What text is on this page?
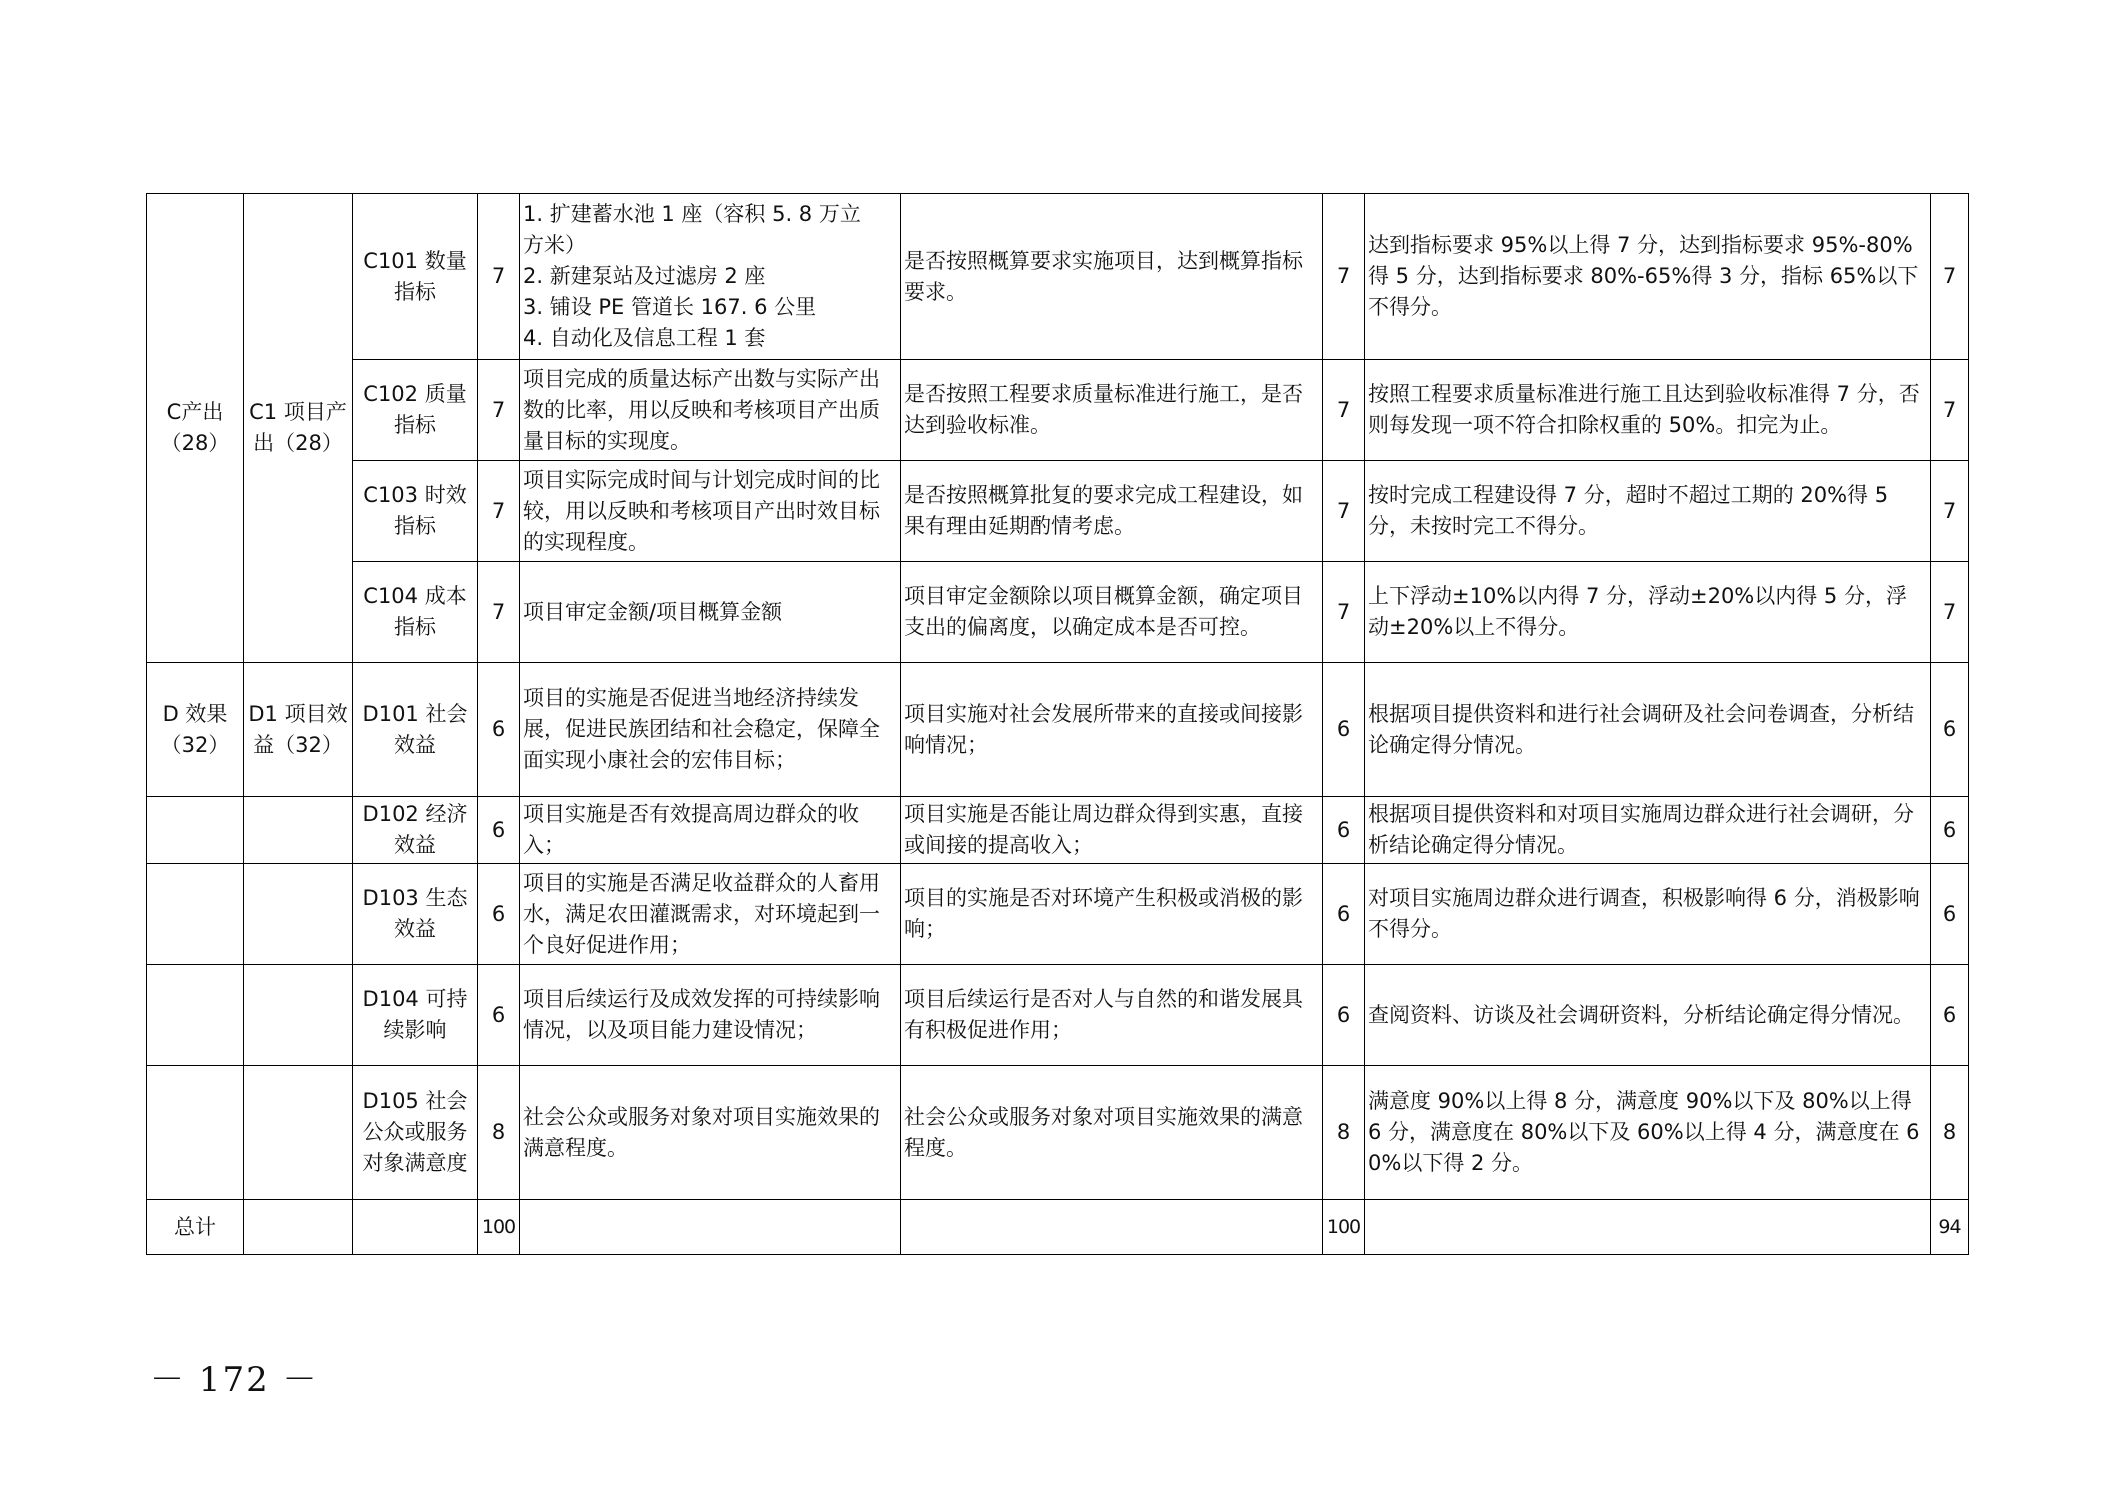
C产出（28）	C1 项目产出（28）	C101 数量指标	7	1. 扩建蓄水池 1 座（容积 5. 8 万立
方米）
2. 新建泵站及过滤房 2 座
3. 铺设 PE 管道长 167. 6 公里
4. 自动化及信息工程 1 套	是否按照概算要求实施项目，达到概算指标要求。	7	达到指标要求 95%以上得 7 分，达到指标要求 95%-80%得 5 分，达到指标要求 80%-65%得 3 分，指标 65%以下不得分。	7
		C102 质量指标	7	项目完成的质量达标产出数与实际产出数的比率，用以反映和考核项目产出质量目标的实现度。	是否按照工程要求质量标准进行施工，是否达到验收标准。	7	按照工程要求质量标准进行施工且达到验收标准得 7 分，否则每发现一项不符合扣除权重的 50%。扣完为止。	7
		C103 时效指标	7	项目实际完成时间与计划完成时间的比较，用以反映和考核项目产出时效目标的实现程度。	是否按照概算批复的要求完成工程建设，如果有理由延期酌情考虑。	7	按时完成工程建设得 7 分，超时不超过工期的 20%得 5 分，未按时完工不得分。	7
		C104 成本指标	7	项目审定金额/项目概算金额	项目审定金额除以项目概算金额，确定项目支出的偏离度，以确定成本是否可控。	7	上下浮动±10%以内得 7 分，浮动±20%以内得 5 分，浮动±20%以上不得分。	7
D 效果（32）	D1 项目效益（32）	D101 社会效益	6	项目的实施是否促进当地经济持续发展，促进民族团结和社会稳定，保障全面实现小康社会的宏伟目标；	项目实施对社会发展所带来的直接或间接影响情况；	6	根据项目提供资料和进行社会调研及社会问卷调查，分析结论确定得分情况。	6
		D102 经济效益	6	项目实施是否有效提高周边群众的收入；	项目实施是否能让周边群众得到实惠，直接或间接的提高收入；	6	根据项目提供资料和对项目实施周边群众进行社会调研，分析结论确定得分情况。	6
		D103 生态效益	6	项目的实施是否满足收益群众的人畜用水，满足农田灌溉需求，对环境起到一个良好促进作用；	项目的实施是否对环境产生积极或消极的影响；	6	对项目实施周边群众进行调查，积极影响得 6 分，消极影响不得分。	6
		D104 可持续影响	6	项目后续运行及成效发挥的可持续影响情况，以及项目能力建设情况；	项目后续运行是否对人与自然的和谐发展具有积极促进作用；	6	查阅资料、访谈及社会调研资料，分析结论确定得分情况。	6
		D105 社会公众或服务对象满意度	8	社会公众或服务对象对项目实施效果的满意程度。	社会公众或服务对象对项目实施效果的满意程度。	8	满意度 90%以上得 8 分，满意度 90%以下及 80%以上得 6 分，满意度在 80%以下及 60%以上得 4 分，满意度在 60%以下得 2 分。	8
总计			100			100		94
－ 172 －
